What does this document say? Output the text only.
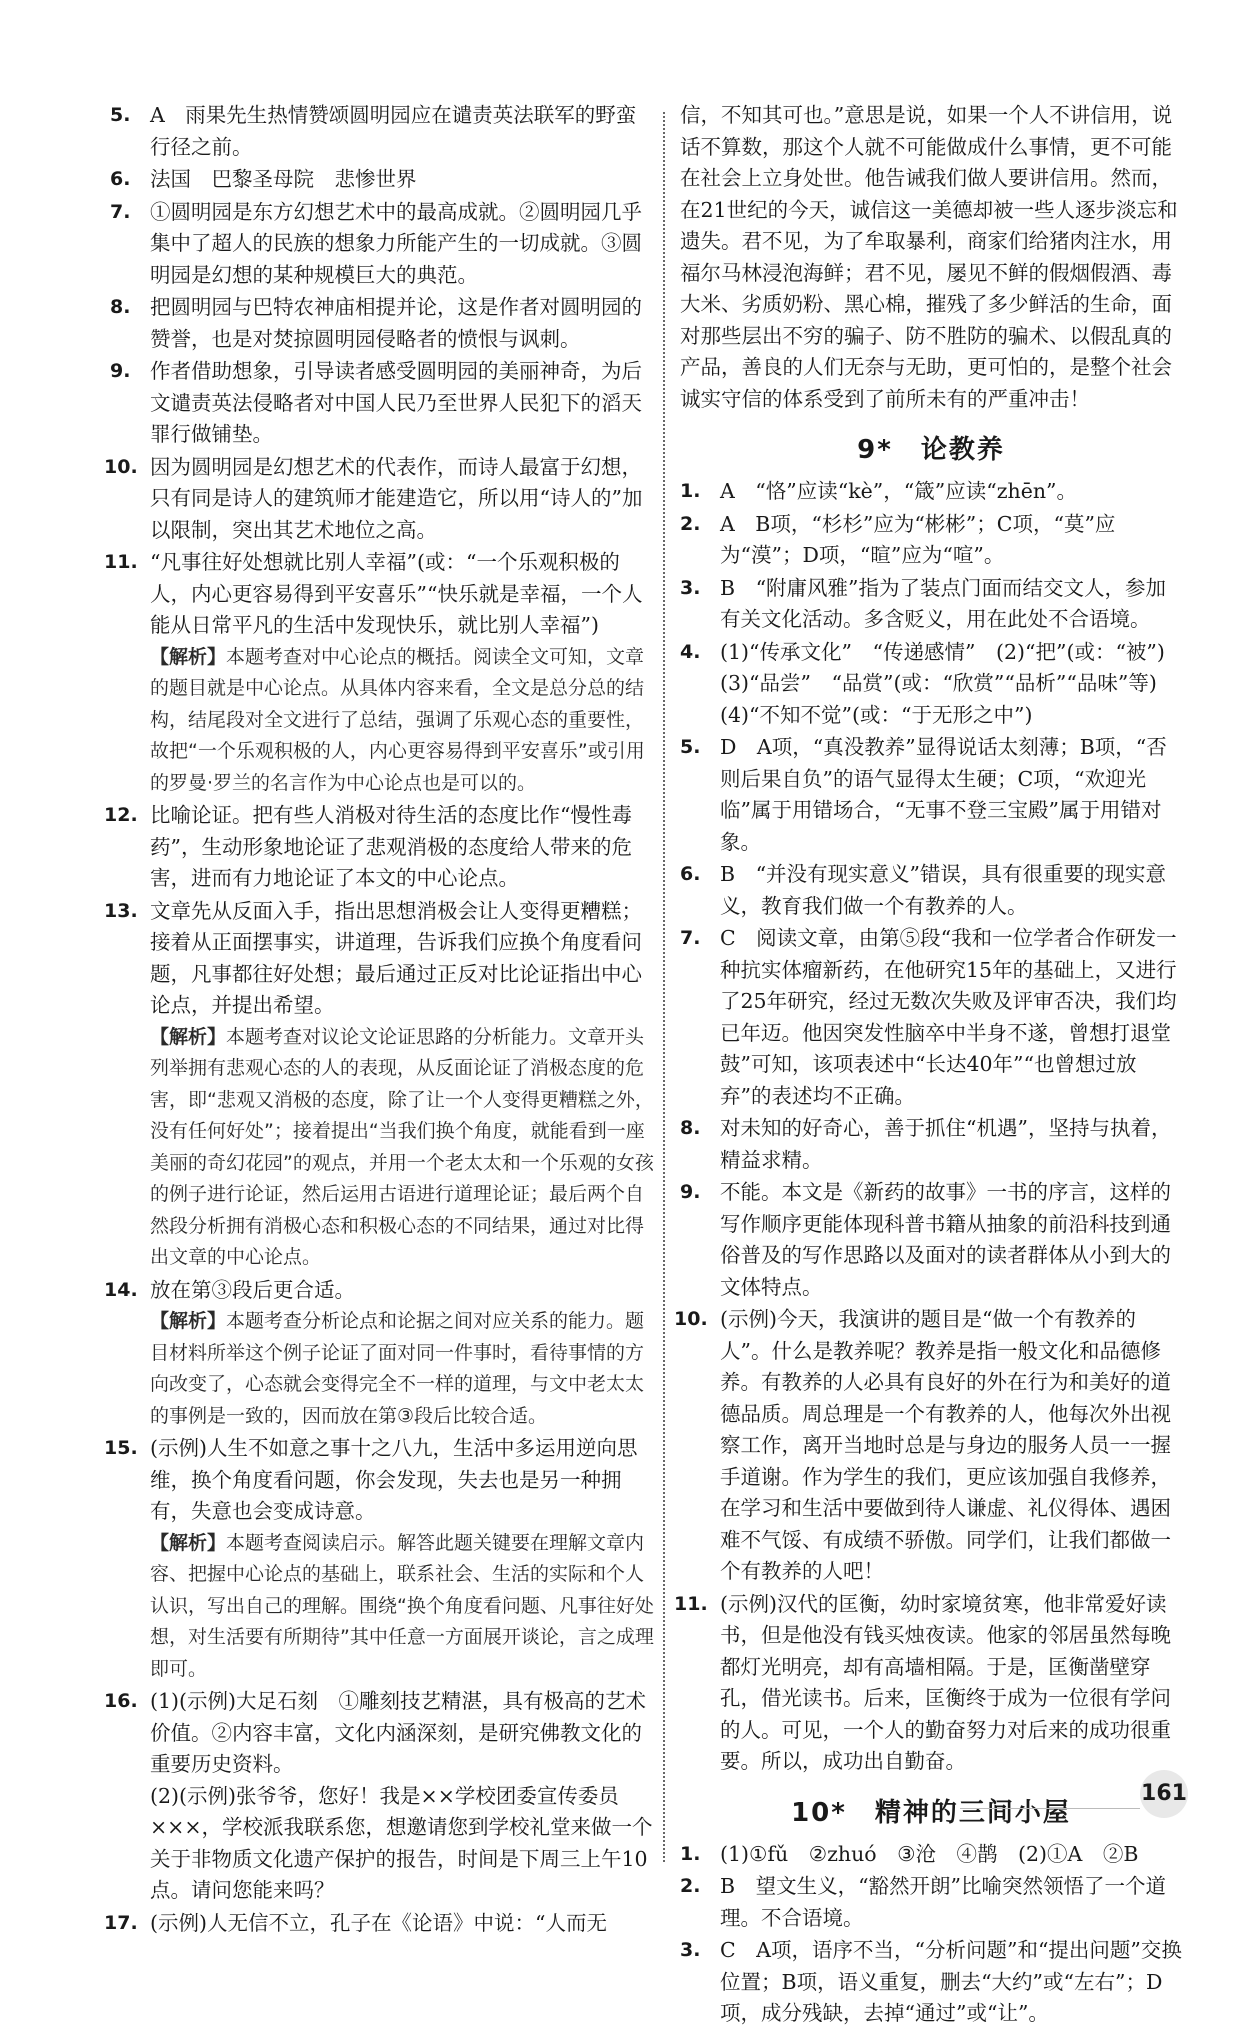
5. A　雨果先生热情赞颂圆明园应在谴责英法联军的野蛮行径之前。
6. 法国　巴黎圣母院　悲惨世界
7. ①圆明园是东方幻想艺术中的最高成就。②圆明园几乎集中了超人的民族的想象力所能产生的一切成就。③圆明园是幻想的某种规模巨大的典范。
8. 把圆明园与巴特农神庙相提并论，这是作者对圆明园的赞誉，也是对焚掠圆明园侵略者的愤恨与讽刺。
9. 作者借助想象，引导读者感受圆明园的美丽神奇，为后文谴责英法侵略者对中国人民乃至世界人民犯下的滔天罪行做铺垫。
10. 因为圆明园是幻想艺术的代表作，而诗人最富于幻想，只有同是诗人的建筑师才能建造它，所以用“诗人的”加以限制，突出其艺术地位之高。
11. “凡事往好处想就比别人幸福”(或：“一个乐观积极的人，内心更容易得到平安喜乐”“快乐就是幸福，一个人能从日常平凡的生活中发现快乐，就比别人幸福”)
【解析】本题考查对中心论点的概括。阅读全文可知，文章的题目就是中心论点。从具体内容来看，全文是总分总的结构，结尾段对全文进行了总结，强调了乐观心态的重要性，故把“一个乐观积极的人，内心更容易得到平安喜乐”或引用的罗曼·罗兰的名言作为中心论点也是可以的。
12. 比喻论证。把有些人消极对待生活的态度比作“慢性毒药”，生动形象地论证了悲观消极的态度给人带来的危害，进而有力地论证了本文的中心论点。
13. 文章先从反面入手，指出思想消极会让人变得更糟糕；接着从正面摆事实，讲道理，告诉我们应换个角度看问题，凡事都往好处想；最后通过正反对比论证指出中心论点，并提出希望。
【解析】本题考查对议论文论证思路的分析能力。文章开头列举拥有悲观心态的人的表现，从反面论证了消极态度的危害，即“悲观又消极的态度，除了让一个人变得更糟糕之外，没有任何好处”；接着提出“当我们换个角度，就能看到一座美丽的奇幻花园”的观点，并用一个老太太和一个乐观的女孩的例子进行论证，然后运用古语进行道理论证；最后两个自然段分析拥有消极心态和积极心态的不同结果，通过对比得出文章的中心论点。
14. 放在第③段后更合适。
【解析】本题考查分析论点和论据之间对应关系的能力。题目材料所举这个例子论证了面对同一件事时，看待事情的方向改变了，心态就会变得完全不一样的道理，与文中老太太的事例是一致的，因而放在第③段后比较合适。
15. (示例)人生不如意之事十之八九，生活中多运用逆向思维，换个角度看问题，你会发现，失去也是另一种拥有，失意也会变成诗意。
【解析】本题考查阅读启示。解答此题关键要在理解文章内容、把握中心论点的基础上，联系社会、生活的实际和个人认识，写出自己的理解。围绕“换个角度看问题、凡事往好处想，对生活要有所期待”其中任意一方面展开谈论，言之成理即可。
16. (1)(示例)大足石刻　①雕刻技艺精湛，具有极高的艺术价值。②内容丰富，文化内涵深刻，是研究佛教文化的重要历史资料。
(2)(示例)张爷爷，您好！我是××学校团委宣传委员×××，学校派我联系您，想邀请您到学校礼堂来做一个关于非物质文化遗产保护的报告，时间是下周三上午10点。请问您能来吗？
17. (示例)人无信不立，孔子在《论语》中说：“人而无

信，不知其可也。”意思是说，如果一个人不讲信用，说话不算数，那这个人就不可能做成什么事情，更不可能在社会上立身处世。他告诫我们做人要讲信用。然而，在21世纪的今天，诚信这一美德却被一些人逐步淡忘和遗失。君不见，为了牟取暴利，商家们给猪肉注水，用福尔马林浸泡海鲜；君不见，屡见不鲜的假烟假酒、毒大米、劣质奶粉、黑心棉，摧残了多少鲜活的生命，面对那些层出不穷的骗子、防不胜防的骗术、以假乱真的产品，善良的人们无奈与无助，更可怕的，是整个社会诚实守信的体系受到了前所未有的严重冲击！

9* 论教养
1. A　“恪”应读“kè”，“箴”应读“zhēn”。
2. A　B项，“杉杉”应为“彬彬”；C项，“莫”应为“漠”；D项，“暄”应为“喧”。
3. B　“附庸风雅”指为了装点门面而结交文人，参加有关文化活动。多含贬义，用在此处不合语境。
4. (1)“传承文化”　“传递感情”　(2)“把”(或：“被”)
(3)“品尝”　“品赏”(或：“欣赏”“品析”“品味”等)
(4)“不知不觉”(或：“于无形之中”)
5. D　A项，“真没教养”显得说话太刻薄；B项，“否则后果自负”的语气显得太生硬；C项，“欢迎光临”属于用错场合，“无事不登三宝殿”属于用错对象。
6. B　“并没有现实意义”错误，具有很重要的现实意义，教育我们做一个有教养的人。
7. C　阅读文章，由第⑤段“我和一位学者合作研发一种抗实体瘤新药，在他研究15年的基础上，又进行了25年研究，经过无数次失败及评审否决，我们均已年迈。他因突发性脑卒中半身不遂，曾想打退堂鼓”可知，该项表述中“长达40年”“也曾想过放弃”的表述均不正确。
8. 对未知的好奇心，善于抓住“机遇”，坚持与执着，精益求精。
9. 不能。本文是《新药的故事》一书的序言，这样的写作顺序更能体现科普书籍从抽象的前沿科技到通俗普及的写作思路以及面对的读者群体从小到大的文体特点。
10. (示例)今天，我演讲的题目是“做一个有教养的人”。什么是教养呢？教养是指一般文化和品德修养。有教养的人必具有良好的外在行为和美好的道德品质。周总理是一个有教养的人，他每次外出视察工作，离开当地时总是与身边的服务人员一一握手道谢。作为学生的我们，更应该加强自我修养，在学习和生活中要做到待人谦虚、礼仪得体、遇困难不气馁、有成绩不骄傲。同学们，让我们都做一个有教养的人吧！
11. (示例)汉代的匡衡，幼时家境贫寒，他非常爱好读书，但是他没有钱买烛夜读。他家的邻居虽然每晚都灯光明亮，却有高墙相隔。于是，匡衡凿壁穿孔，借光读书。后来，匡衡终于成为一位很有学问的人。可见，一个人的勤奋努力对后来的成功很重要。所以，成功出自勤奋。
10* 精神的三间小屋
1. (1)①fǔ　②zhuó　③沧　④鹊　(2)①A　②B
2. B　望文生义，“豁然开朗”比喻突然领悟了一个道理。不合语境。
3. C　A项，语序不当，“分析问题”和“提出问题”交换位置；B项，语义重复，删去“大约”或“左右”；D项，成分残缺，去掉“通过”或“让”。
161
